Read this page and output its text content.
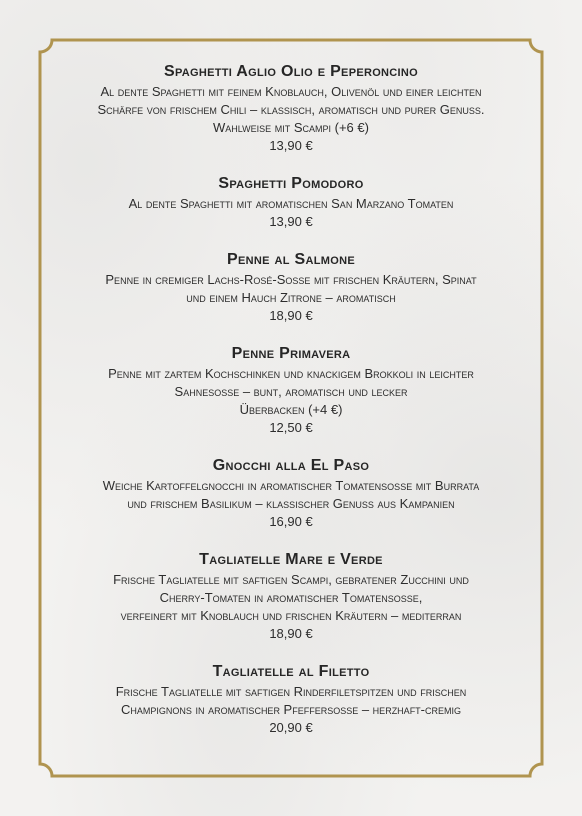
Spaghetti Aglio Olio e Peperoncino
Al dente Spaghetti mit feinem Knoblauch, Olivenöl und einer leichten
Schärfe von frischem Chili – klassisch, aromatisch und purer Genuss.
Wahlweise mit Scampi (+6 €)
13,90 €
Spaghetti Pomodoro
Al dente Spaghetti mit aromatischen San Marzano Tomaten
13,90 €
Penne al Salmone
Penne in cremiger Lachs-Rosé-Sosse mit frischen Kräutern, Spinat
und einem Hauch Zitrone – aromatisch
18,90 €
Penne Primavera
Penne mit zartem Kochschinken und knackigem Brokkoli in leichter
Sahnesosse – bunt, aromatisch und lecker
Überbacken (+4 €)
12,50 €
Gnocchi alla El Paso
Weiche Kartoffelgnocchi in aromatischer Tomatensosse mit Burrata
und frischem Basilikum – klassischer Genuss aus Kampanien
16,90 €
Tagliatelle Mare e Verde
Frische Tagliatelle mit saftigen Scampi, gebratener Zucchini und
Cherry-Tomaten in aromatischer Tomatensosse,
verfeinert mit Knoblauch und frischen Kräutern – mediterran
18,90 €
Tagliatelle al Filetto
Frische Tagliatelle mit saftigen Rinderfiletspitzen und frischen
Champignons in aromatischer Pfeffersosse – herzhaft-cremig
20,90 €
